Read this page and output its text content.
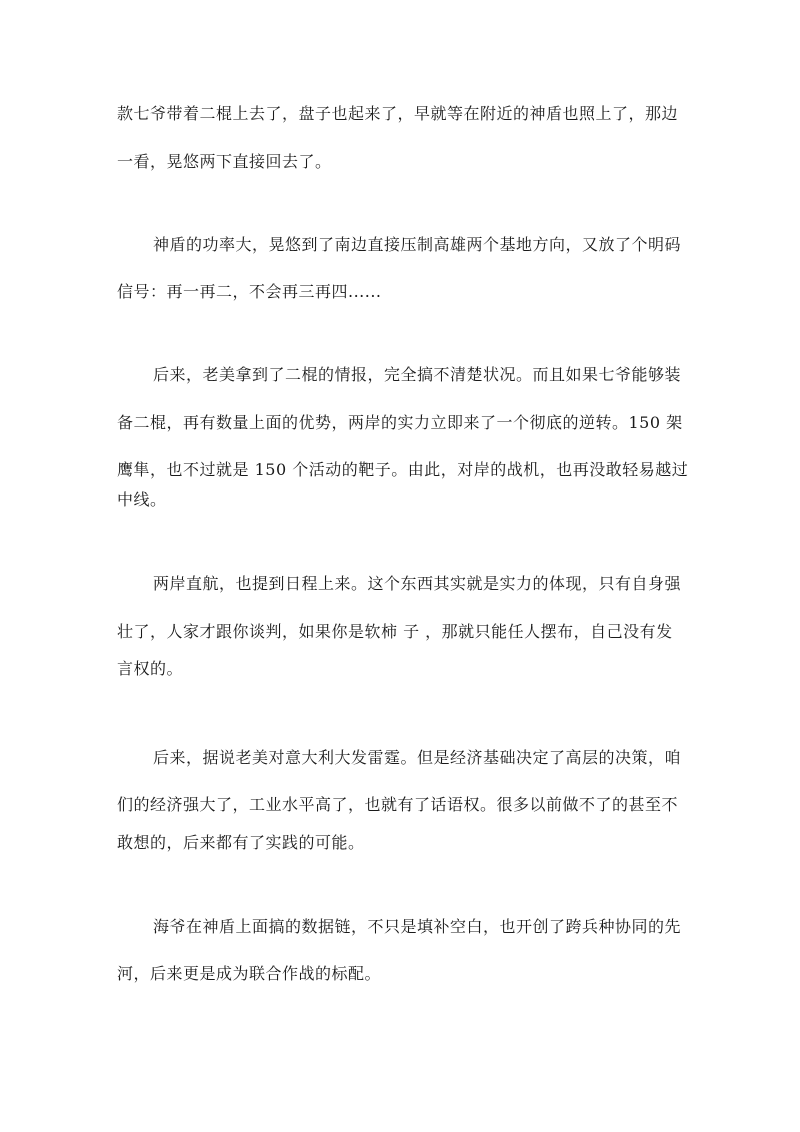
款七爷带着二棍上去了，盘子也起来了，早就等在附近的神盾也照上了，那边
一看，晃悠两下直接回去了。
神盾的功率大，晃悠到了南边直接压制高雄两个基地方向，又放了个明码
信号：再一再二，不会再三再四......
后来，老美拿到了二棍的情报，完全搞不清楚状况。而且如果七爷能够装
备二棍，再有数量上面的优势，两岸的实力立即来了一个彻底的逆转。150 架
鹰隼，也不过就是 150 个活动的靶子。由此，对岸的战机，也再没敢轻易越过
中线。
两岸直航，也提到日程上来。这个东西其实就是实力的体现，只有自身强
壮了，人家才跟你谈判，如果你是软柿 子 ，那就只能任人摆布，自己没有发
言权的。
后来，据说老美对意大利大发雷霆。但是经济基础决定了高层的决策，咱
们的经济强大了，工业水平高了，也就有了话语权。很多以前做不了的甚至不
敢想的，后来都有了实践的可能。
海爷在神盾上面搞的数据链，不只是填补空白，也开创了跨兵种协同的先
河，后来更是成为联合作战的标配。
